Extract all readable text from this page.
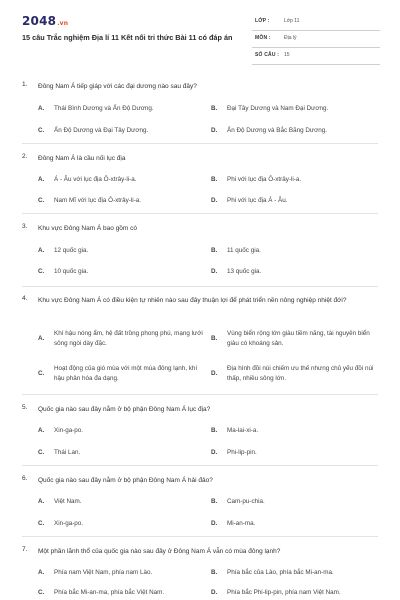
2048.vn
15 câu Trắc nghiệm Địa lí 11 Kết nối tri thức Bài 11 có đáp án
LỚP :	Lớp 11
MÔN :	Địa lý
SỐ CÂU : 15
1. Đông Nam Á tiếp giáp với các đại dương nào sau đây?
A. Thái Bình Dương và Ấn Độ Dương.	B. Đại Tây Dương và Nam Đại Dương.
C. Ấn Độ Dương và Đại Tây Dương.	D. Ấn Độ Dương và Bắc Băng Dương.
2. Đông Nam Á là cầu nối lục địa
A. Á - Âu với lục địa Ô-xtrây-li-a.	B. Phi với lục địa Ô-xtrây-li-a.
C. Nam Mĩ với lục địa Ô-xtrây-li-a.	D. Phi với lục địa Á - Âu.
3. Khu vực Đông Nam Á bao gồm có
A. 12 quốc gia.	B. 11 quốc gia.
C. 10 quốc gia.	D. 13 quốc gia.
4. Khu vực Đông Nam Á có điều kiện tự nhiên nào sau đây thuận lợi để phát triển nền nông nghiệp nhiệt đới?
A.
Khí hậu nóng ẩm, hệ đất trồng phong phú, mạng lưới sông ngòi dày đặc.
B.
Vùng biển rộng lớn giàu tiềm năng, tài nguyên biển giàu có khoáng sản.
C.
Hoạt động của gió mùa với một mùa đông lạnh, khí hậu phân hóa đa dạng.
D.
Địa hình đồi núi chiếm ưu thế nhưng chủ yếu đồi núi thấp, nhiều sông lớn.
5. Quốc gia nào sau đây nằm ở bộ phận Đông Nam Á lục địa?
A. Xin-ga-po.	B. Ma-lai-xi-a.
C. Thái Lan.	D. Phi-lip-pin.
6. Quốc gia nào sau đây nằm ở bộ phận Đông Nam Á hải đảo?
A. Việt Nam.	B. Cam-pu-chia.
C. Xin-ga-po.	D. Mi-an-ma.
7. Một phần lãnh thổ của quốc gia nào sau đây ở Đông Nam Á vẫn có mùa đông lạnh?
A. Phía nam Việt Nam, phía nam Lào.	B. Phía bắc của Lào, phía bắc Mi-an-ma.
C. Phía bắc Mi-an-ma, phía bắc Việt Nam.	D. Phía bắc Phi-lip-pin, phía nam Việt Nam.
